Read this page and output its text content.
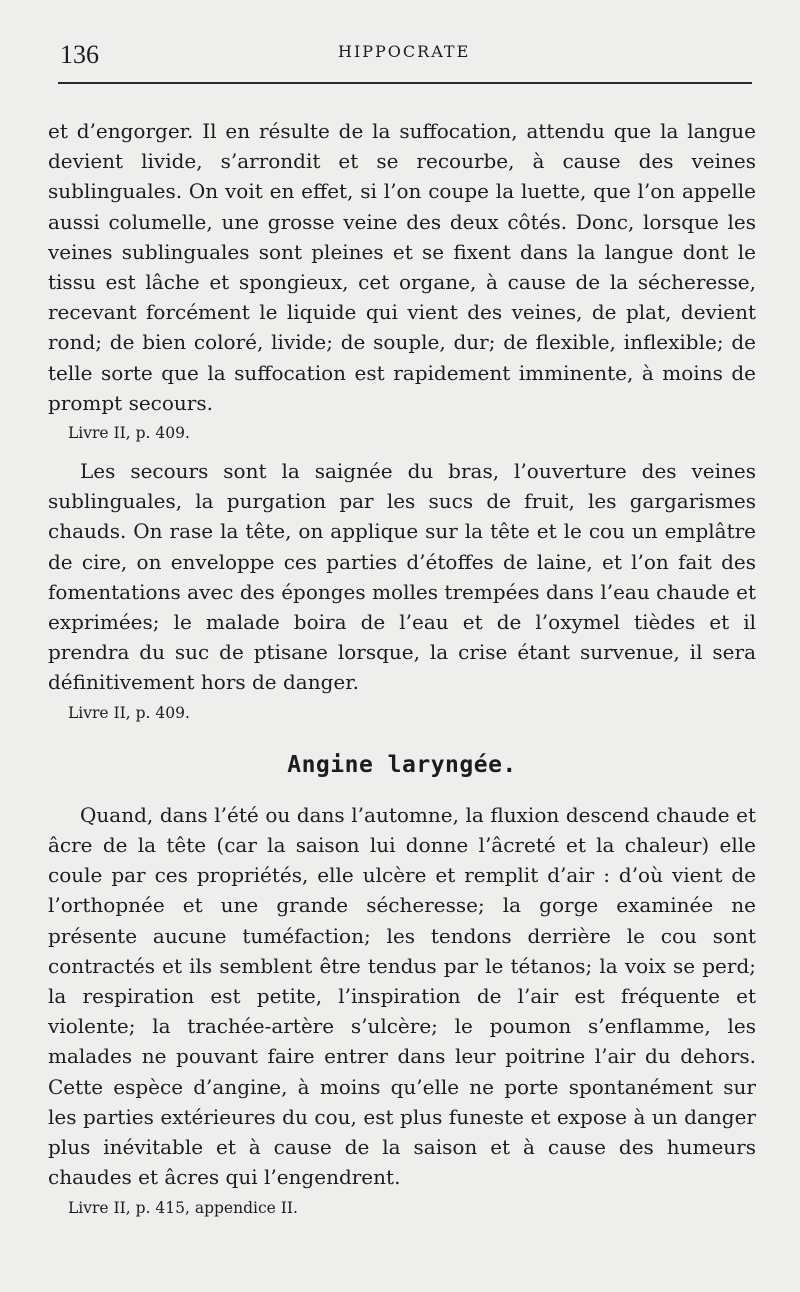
136	HIPPOCRATE

et d’engorger. Il en résulte de la suffocation, attendu que la langue devient livide, s’arrondit et se recourbe, à cause des veines sublinguales. On voit en effet, si l’on coupe la luette, que l’on appelle aussi columelle, une grosse veine des deux côtés. Donc, lorsque les veines sublinguales sont pleines et se fixent dans la langue dont le tissu est lâche et spongieux, cet organe, à cause de la sécheresse, recevant forcément le liquide qui vient des veines, de plat, devient rond; de bien coloré, livide; de souple, dur; de flexible, inflexible; de telle sorte que la suffocation est rapidement imminente, à moins de prompt secours.

Livre II, p. 409.

Les secours sont la saignée du bras, l’ouverture des veines sublinguales, la purgation par les sucs de fruit, les gargarismes chauds. On rase la tête, on applique sur la tête et le cou un emplâtre de cire, on enveloppe ces parties d’étoffes de laine, et l’on fait des fomentations avec des éponges molles trempées dans l’eau chaude et exprimées; le malade boira de l’eau et de l’oxymel tièdes et il prendra du suc de ptisane lorsque, la crise étant survenue, il sera définitivement hors de danger.

Livre II, p. 409.
Angine laryngée.

Quand, dans l’été ou dans l’automne, la fluxion descend chaude et âcre de la tête (car la saison lui donne l’âcreté et la chaleur) elle coule par ces propriétés, elle ulcère et remplit d’air : d’où vient de l’orthopnée et une grande sécheresse; la gorge examinée ne présente aucune tuméfaction; les tendons derrière le cou sont contractés et ils semblent être tendus par le tétanos; la voix se perd; la respiration est petite, l’inspiration de l’air est fréquente et violente; la trachée-artère s’ulcère; le poumon s’enflamme, les malades ne pouvant faire entrer dans leur poitrine l’air du dehors. Cette espèce d’angine, à moins qu’elle ne porte spontanément sur les parties extérieures du cou, est plus funeste et expose à un danger plus inévitable et à cause de la saison et à cause des humeurs chaudes et âcres qui l’engendrent.

Livre II, p. 415, appendice II.
